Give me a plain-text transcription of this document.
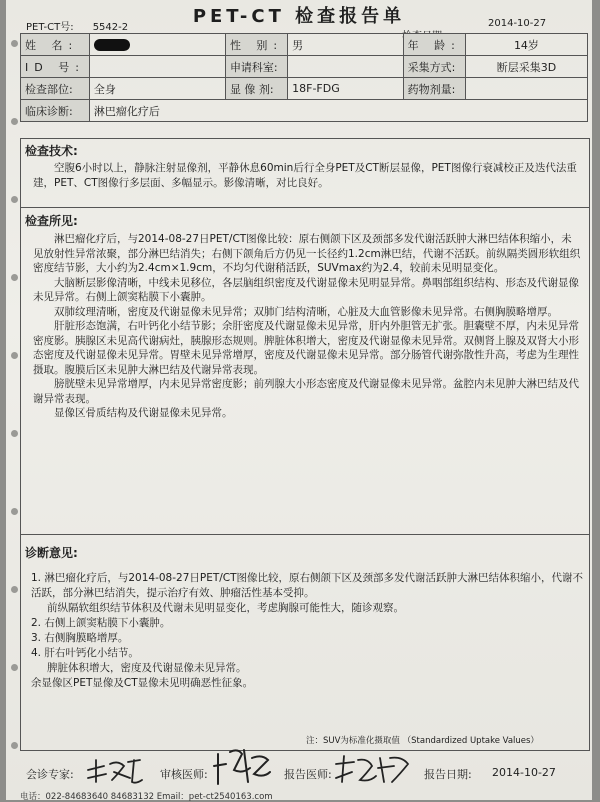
PET-CT 检查报告单
PET-CT号: 5542-2	2014-10-27
姓 名:		性 别:	男	年 龄:	14岁
ID 号:		申请科室:		采集方式:	断层采集3D
检查部位:	全身	显 像 剂:	18F-FDG	药物剂量:	
临床诊断:	淋巴瘤化疗后				
检查技术:
空腹6小时以上，静脉注射显像剂，平静休息60min后行全身PET及CT断层显像，PET图像行衰减校正及迭代法重建，PET、CT图像行多层面、多幅显示。影像清晰，对比良好。
检查所见:
淋巴瘤化疗后，与2014-08-27日PET/CT图像比较：原右侧颌下区及颈部多发代谢活跃肿大淋巴结体积缩小，未见放射性异常浓聚，部分淋巴结消失；右侧下颌角后方仍见一长径约1.2cm淋巴结，代谢不活跃。前纵隔类圆形软组织密度结节影，大小约为2.4cm×1.9cm，不均匀代谢稍活跃，SUVmax约为2.4，较前未见明显变化。
大脑断层影像清晰，中线未见移位，各层脑组织密度及代谢显像未见明显异常。鼻咽部组织结构、形态及代谢显像未见异常。右侧上颌窦粘膜下小囊肿。
双肺纹理清晰，密度及代谢显像未见异常；双肺门结构清晰，心脏及大血管影像未见异常。右侧胸膜略增厚。
肝脏形态饱满，右叶钙化小结节影；余肝密度及代谢显像未见异常，肝内外胆管无扩张。胆囊壁不厚，内未见异常密度影。胰腺区未见高代谢病灶，胰腺形态规则。脾脏体积增大，密度及代谢显像未见异常。双侧肾上腺及双肾大小形态密度及代谢显像未见异常。胃壁未见异常增厚，密度及代谢显像未见异常。部分肠管代谢弥散性升高，考虑为生理性摄取。腹膜后区未见肿大淋巴结及代谢异常表现。
膀胱壁未见异常增厚，内未见异常密度影；前列腺大小形态密度及代谢显像未见异常。盆腔内未见肿大淋巴结及代谢异常表现。
显像区骨质结构及代谢显像未见异常。
诊断意见:
1. 淋巴瘤化疗后，与2014-08-27日PET/CT图像比较，原右侧颌下区及颈部多发代谢活跃肿大淋巴结体积缩小，代谢不活跃，部分淋巴结消失，提示治疗有效、肿瘤活性基本受抑。
前纵隔软组织结节体积及代谢未见明显变化，考虑胸腺可能性大，随诊观察。
2. 右侧上颌窦粘膜下小囊肿。
3. 右侧胸膜略增厚。
4. 肝右叶钙化小结节。
脾脏体积增大，密度及代谢显像未见异常。
余显像区PET显像及CT显像未见明确恶性征象。
注：SUV为标准化摄取值 （Standardized Uptake Values）
会诊专家:	审核医师:	报告医师:	报告日期: 2014-10-27
电话：022-84683640 84683132 Email：pet-ct2540163.com
